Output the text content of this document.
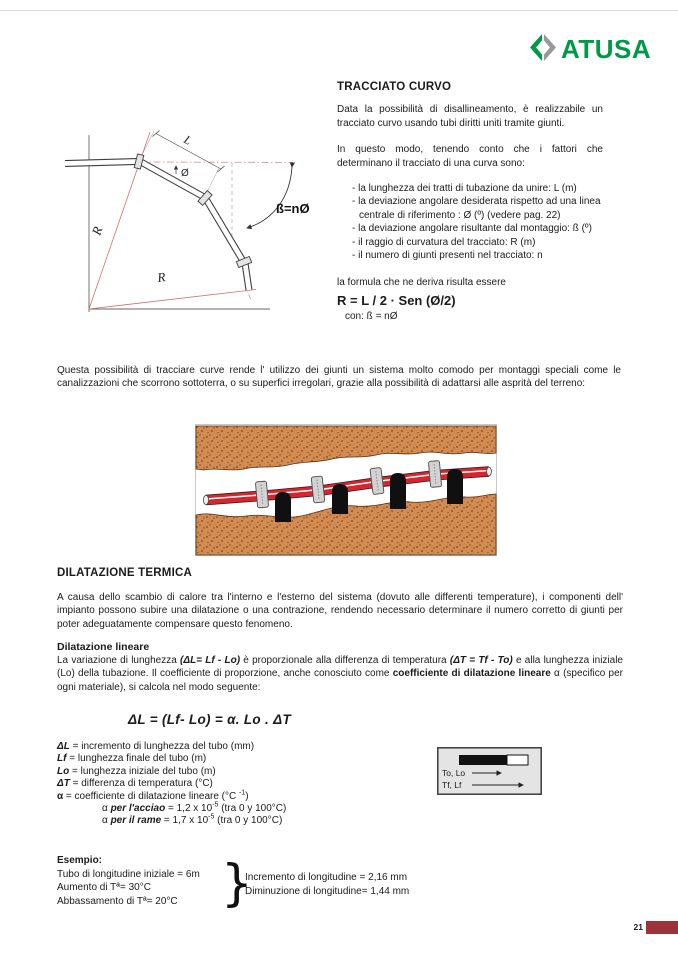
ATUSA
L
Ø
ß=nØ
R
R
TRACCIATO CURVO

Data la possibilità di disallineamento, è realizzabile un tracciato curvo usando tubi diritti uniti tramite giunti.

In questo modo, tenendo conto che i fattori che determinano il tracciato di una curva sono:

- la lunghezza dei tratti di tubazione da unire: L (m)
- la deviazione angolare desiderata rispetto ad una linea centrale di riferimento : Ø (º) (vedere pag. 22)
- la deviazione angolare risultante dal montaggio: ß (º)
- il raggio di curvatura del tracciato: R (m)
- il numero di giunti presenti nel tracciato: n
la formula che ne deriva risulta essere
R = L / 2 · Sen (Ø/2)
con: ß = nØ
Questa possibilità di tracciare curve rende l' utilizzo dei giunti un sistema molto comodo per montaggi speciali come le canalizzazioni che scorrono sottoterra, o su superfici irregolari, grazie alla possibilità di adattarsi alle asprità del terreno:
DILATAZIONE TERMICA
A causa dello scambio di calore tra l'interno e l'esterno del sistema (dovuto alle differenti temperature), i componenti dell' impianto possono subire una dilatazione o una contrazione, rendendo necessario determinare il numero corretto di giunti per poter adeguatamente compensare questo fenomeno.
Dilatazione lineare
La variazione di lunghezza (ΔL= Lf - Lo) è proporzionale alla differenza di temperatura (ΔT = Tf - To) e alla lunghezza iniziale (Lo) della tubazione. Il coefficiente di proporzione, anche conosciuto come coefficiente di dilatazione lineare α (specifico per ogni materiale), si calcola nel modo seguente:
ΔL = (Lf- Lo) = α. Lo . ΔT
ΔL = incremento di lunghezza del tubo (mm)
Lf = lunghezza finale del tubo (m)
Lo = lunghezza iniziale del tubo (m)
ΔT = differenza di temperatura (°C)
α = coefficiente di dilatazione lineare (°C $^{-1}$)
α per l'acciao = 1,2 x $10^{-5}$ (tra 0 y 100°C)
α per il rame = 1,7 x $10^{-5}$ (tra 0 y 100°C)
To, Lo
Tf, Lf
Esempio:
Tubo di longitudine iniziale = 6m
Aumento di Tª= 30°C
Abbassamento di Tª= 20°C }
Incremento di longitudine = 2,16 mm
Diminuzione di longitudine= 1,44 mm
21
